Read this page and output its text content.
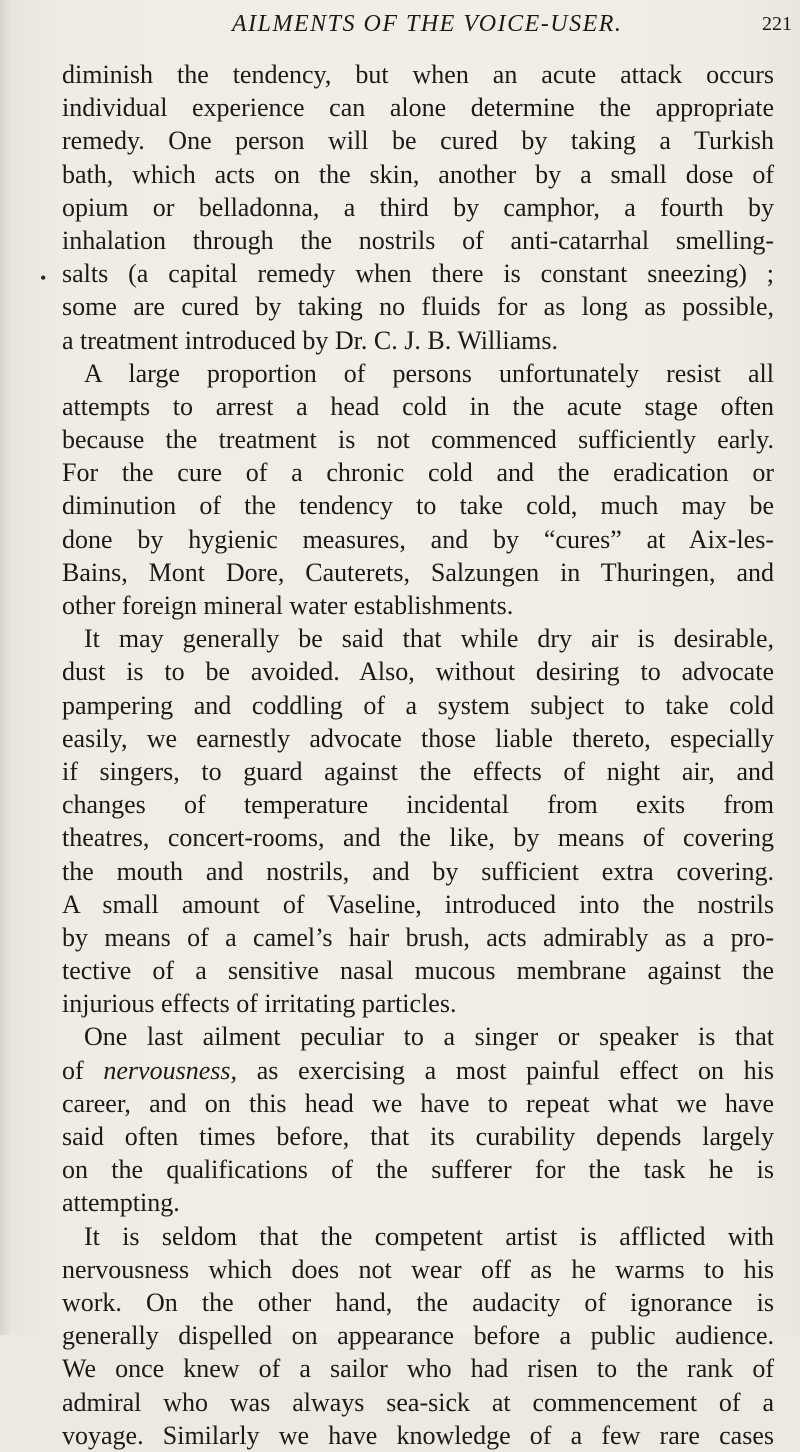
AILMENTS OF THE VOICE-USER.	221
•
diminish the tendency, but when an acute attack occurs
individual experience can alone determine the appropriate
remedy. One person will be cured by taking a Turkish
bath, which acts on the skin, another by a small dose of
opium or belladonna, a third by camphor, a fourth by
inhalation through the nostrils of anti-catarrhal smelling-
salts (a capital remedy when there is constant sneezing) ;
some are cured by taking no fluids for as long as possible,
a treatment introduced by Dr. C. J. B. Williams.
A large proportion of persons unfortunately resist all
attempts to arrest a head cold in the acute stage often
because the treatment is not commenced sufficiently early.
For the cure of a chronic cold and the eradication or
diminution of the tendency to take cold, much may be
done by hygienic measures, and by “cures” at Aix-les-
Bains, Mont Dore, Cauterets, Salzungen in Thuringen, and
other foreign mineral water establishments.
It may generally be said that while dry air is desirable,
dust is to be avoided. Also, without desiring to advocate
pampering and coddling of a system subject to take cold
easily, we earnestly advocate those liable thereto, especially
if singers, to guard against the effects of night air, and
changes of temperature incidental from exits from
theatres, concert-rooms, and the like, by means of covering
the mouth and nostrils, and by sufficient extra covering.
A small amount of Vaseline, introduced into the nostrils
by means of a camel’s hair brush, acts admirably as a pro-
tective of a sensitive nasal mucous membrane against the
injurious effects of irritating particles.
One last ailment peculiar to a singer or speaker is that
of nervousness, as exercising a most painful effect on his
career, and on this head we have to repeat what we have
said often times before, that its curability depends largely
on the qualifications of the sufferer for the task he is
attempting.
It is seldom that the competent artist is afflicted with
nervousness which does not wear off as he warms to his
work. On the other hand, the audacity of ignorance is
generally dispelled on appearance before a public audience.
We once knew of a sailor who had risen to the rank of
admiral who was always sea-sick at commencement of a
voyage. Similarly we have knowledge of a few rare cases
